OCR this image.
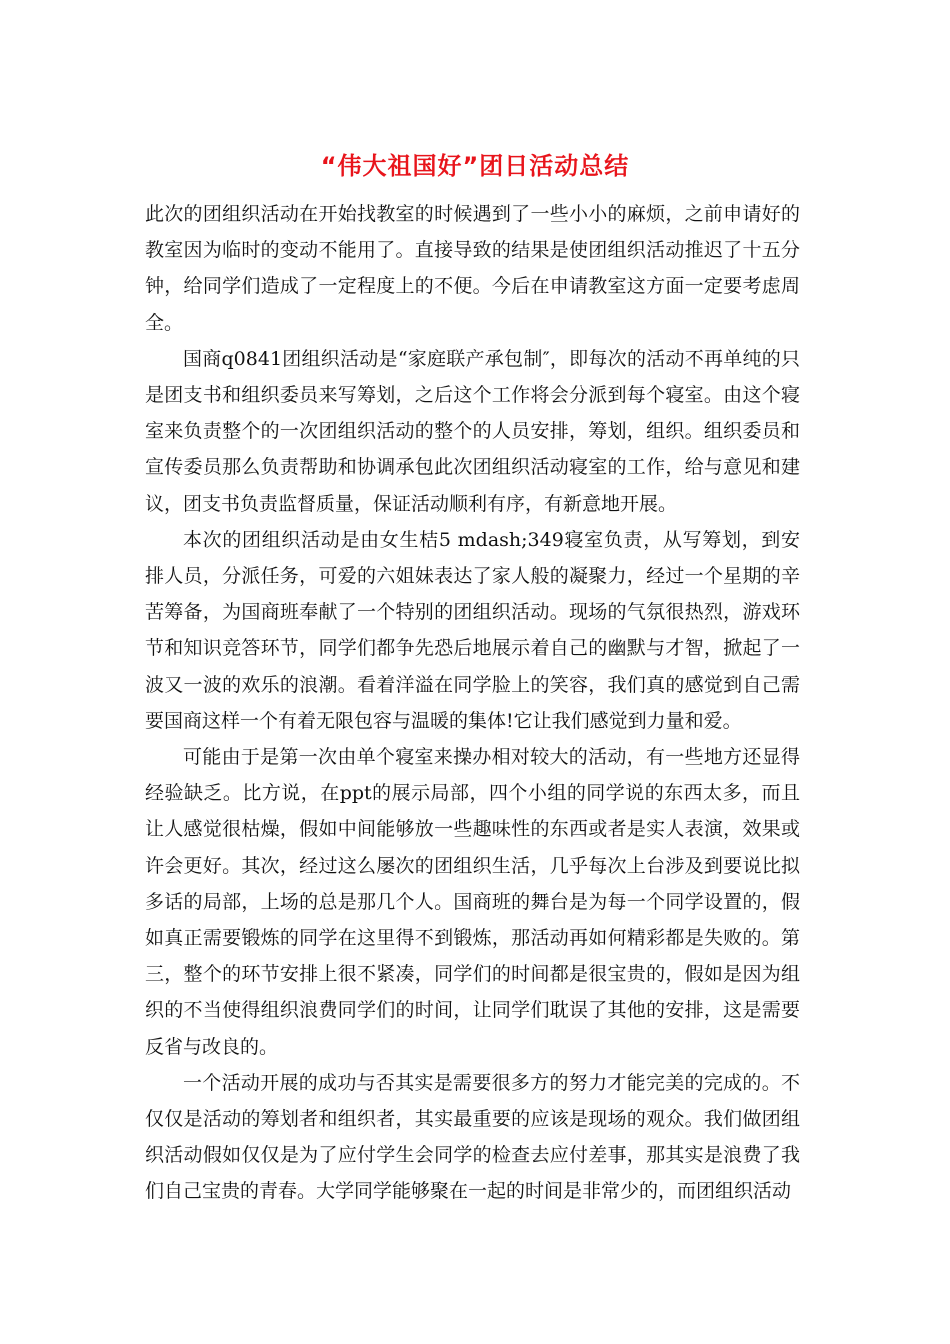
“伟大祖国好”团日活动总结

此次的团组织活动在开始找教室的时候遇到了一些小小的麻烦，之前申请好的教室因为临时的变动不能用了。直接导致的结果是使团组织活动推迟了十五分钟，给同学们造成了一定程度上的不便。今后在申请教室这方面一定要考虑周全。

国商q0841团组织活动是“家庭联产承包制″，即每次的活动不再单纯的只是团支书和组织委员来写筹划，之后这个工作将会分派到每个寝室。由这个寝室来负责整个的一次团组织活动的整个的人员安排，筹划，组织。组织委员和宣传委员那么负责帮助和协调承包此次团组织活动寝室的工作，给与意见和建议，团支书负责监督质量，保证活动顺利有序，有新意地开展。

本次的团组织活动是由女生桔5 mdash;349寝室负责，从写筹划，到安排人员，分派任务，可爱的六姐妹表达了家人般的凝聚力，经过一个星期的辛苦筹备，为国商班奉献了一个特别的团组织活动。现场的气氛很热烈，游戏环节和知识竞答环节，同学们都争先恐后地展示着自己的幽默与才智，掀起了一波又一波的欢乐的浪潮。看着洋溢在同学脸上的笑容，我们真的感觉到自己需要国商这样一个有着无限包容与温暖的集体!它让我们感觉到力量和爱。

可能由于是第一次由单个寝室来操办相对较大的活动，有一些地方还显得经验缺乏。比方说，在ppt的展示局部，四个小组的同学说的东西太多，而且让人感觉很枯燥，假如中间能够放一些趣味性的东西或者是实人表演，效果或许会更好。其次，经过这么屡次的团组织生活，几乎每次上台涉及到要说比拟多话的局部，上场的总是那几个人。国商班的舞台是为每一个同学设置的，假如真正需要锻炼的同学在这里得不到锻炼，那活动再如何精彩都是失败的。第三，整个的环节安排上很不紧凑，同学们的时间都是很宝贵的，假如是因为组织的不当使得组织浪费同学们的时间，让同学们耽误了其他的安排，这是需要反省与改良的。

一个活动开展的成功与否其实是需要很多方的努力才能完美的完成的。不仅仅是活动的筹划者和组织者，其实最重要的应该是现场的观众。我们做团组织活动假如仅仅是为了应付学生会同学的检查去应付差事，那其实是浪费了我们自己宝贵的青春。大学同学能够聚在一起的时间是非常少的，而团组织活动
